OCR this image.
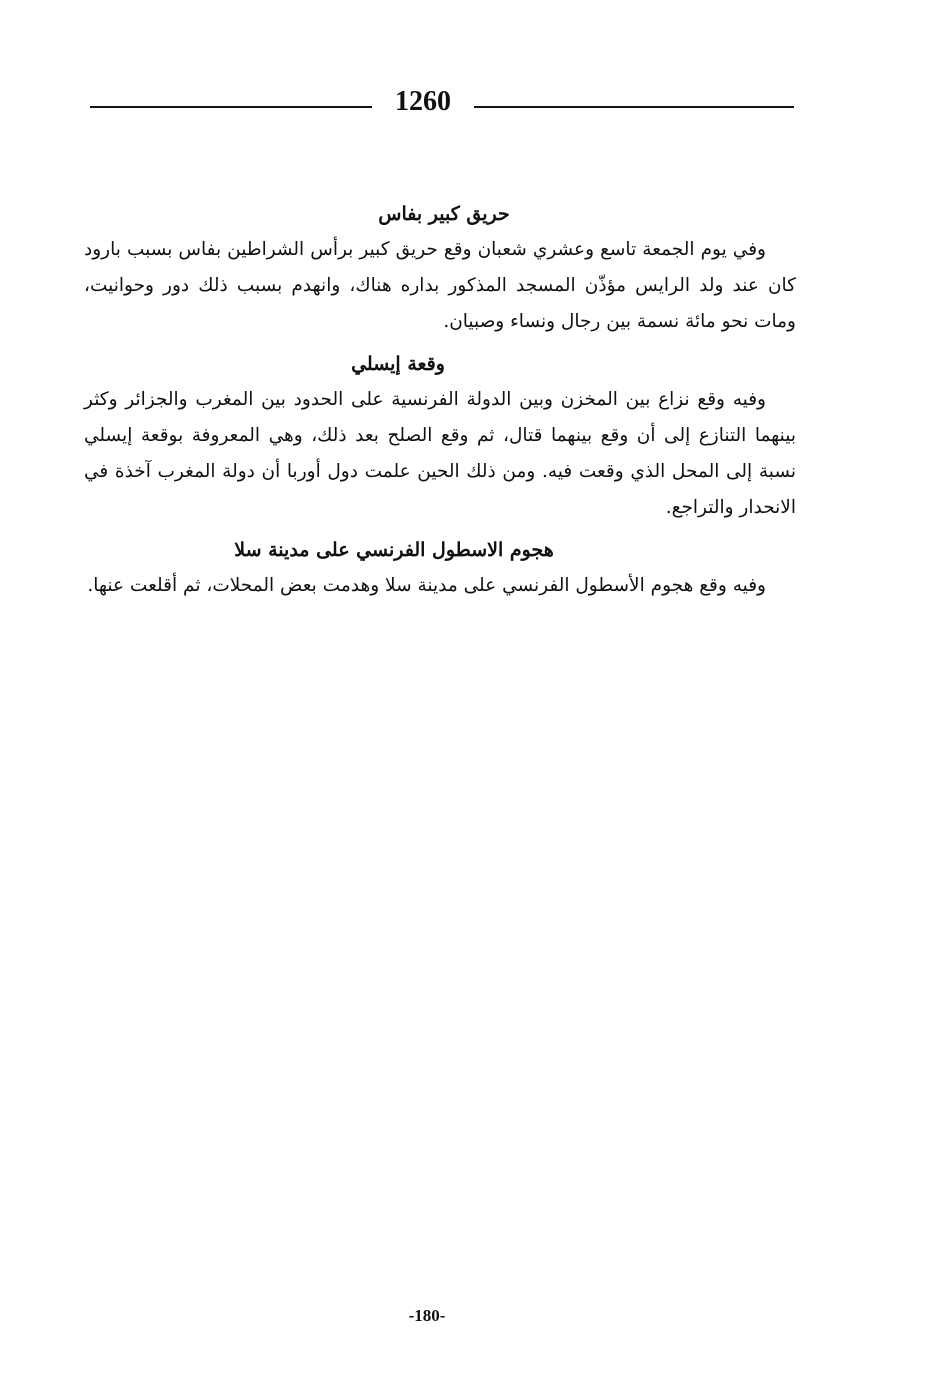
1260
حريق كبير بفاس

وفي يوم الجمعة تاسع وعشري شعبان وقع حريق كبير برأس الشراطين بفاس بسبب بارود كان عند ولد الرايس مؤذّن المسجد المذكور بداره هناك، وانهدم بسبب ذلك دور وحوانيت، ومات نحو مائة نسمة بين رجال ونساء وصبيان.

وقعة إيسلي

وفيه وقع نزاع بين المخزن وبين الدولة الفرنسية على الحدود بين المغرب والجزائر وكثر بينهما التنازع إلى أن وقع بينهما قتال، ثم وقع الصلح بعد ذلك، وهي المعروفة بوقعة إيسلي نسبة إلى المحل الذي وقعت فيه. ومن ذلك الحين علمت دول أوربا أن دولة المغرب آخذة في الانحدار والتراجع.

هجوم الاسطول الفرنسي على مدينة سلا

وفيه وقع هجوم الأسطول الفرنسي على مدينة سلا وهدمت بعض المحلات، ثم أقلعت عنها.

-180-
